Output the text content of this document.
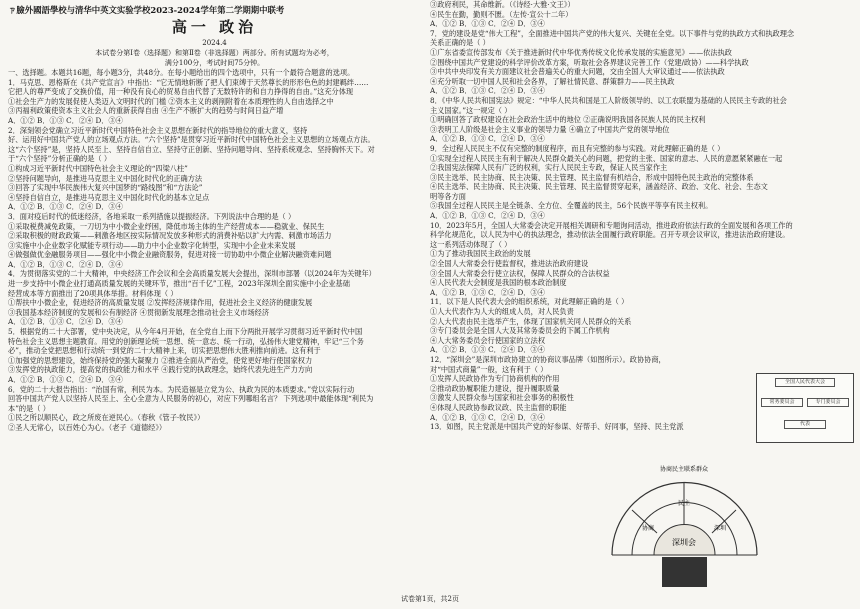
ㄗ臉外國語學校与清华中英文实验学校2023-2024学年第二学期期中联考
高一 政治
2024.4
本试卷分第Ⅰ卷（选择题）和第Ⅱ卷（非选择题）两部分。所有试题均为必考，
满分100分，考试时间75分钟。
一、选择题。本题共16题，每小题3分，共48分。在每小题给出的四个选项中，只有一个最符合题意的选项。
1．马克思、恩格斯在《共产党宣言》中指出：“它无情地斩断了把人们束缚于天然尊长的形形色色的封建羁绊……
它把人的尊严变成了交换价值，用一种没有良心的贸易自由代替了无数特许的和自力挣得的自由。”这充分体现
①社会生产力的发展促使人类迈入文明时代的门槛 ②资本主义的剥削附着在本质理性的人自由选择之中
③丙福利政策使资本主义社会人的重新获得自由 ④生产不断扩大的趋势与时间日益产增
A．①② B．①③ C．②④ D．③④
2．深刻领会党确立习近平新时代中国特色社会主义思想在新时代的指导地位的重大意义，坚持
好、运用好中国共产党人的立场观点方法。“六个坚持”是贯穿习近平新时代中国特色社会主义思想的立场观点方法。
这“六个坚持”是，坚持人民至上、坚持自信自立、坚持守正创新、坚持问题导向、坚持系统观念、坚持胸怀天下。对
于“六个坚持”分析正确的是（ ）
①构成习近平新时代中国特色社会主义理论的“四梁八柱”
②坚持问题导向，是推进马克思主义中国化时代化的正确方法
③回答了实现中华民族伟大复兴中国梦的“路线图”和“方法论”
④坚持自信自立，是推进马克思主义中国化时代化的基本立足点
A．①② B．①③ C．②④ D．③④
3．面对疫后时代的低迷经济，各地采取一系列措施以提振经济。下列说法中合理的是（ ）
①采取税费减免政策，一刀切为中小微企业纾困，降低市场主体的生产经营成本——稳就业、保民生
②采取积极的财政政策——刺激各地区按实际情况发放多种形式的消费补贴以扩大内需、刺激市场活力
③实施中小企业数字化赋能专项行动——助力中小企业数字化转型，实现中小企业未来发展
④做强做优金融服务项目——强化中小微企业融资服务，促进对接一切协助中小微企业解决融资难问题
A．①② B．①③ C．②④ D．③④
4．为贯彻落实党的二十大精神，中央经济工作会议和全会高质量发展大会提出，深圳市部署（以2024年为关键年）
进一步支持中小微企业打通高质量发展的关键环节，推出“百千亿”工程，2023年深圳全面实施中小企业基础
经营成本等方面推出了20项具体举措。材料体现（ ）
①帮扶中小微企业，促进经济的高质量发展 ②发挥经济规律作用，促进社会主义经济的健康发展
③我国基本经济制度的发展和公有制经济 ④贯彻新发展理念推动社会主义市场经济
A．①② B．①③ C．②④ D．③④
5．根据党的二十大部署，党中央决定，从今年4月开始，在全党自上而下分两批开展学习贯彻习近平新时代中国
特色社会主义思想主题教育。用党的创新理论统一思想、统一意志、统一行动，弘扬伟大建党精神，牢记“三个务
必”，推动全党把思想和行动统一到党的二十大精神上来，切实把思想伟大胜利推向前进。这有利于
①加强党的思想建设，始终保持党的强大凝聚力 ②推进全面从严治党，使党更好地行使国家权力
③发挥党的执政能力，提高党的执政能力和水平 ④践行党的执政理念，始终代表先进生产力方向
A．①② B．①③ C．②④ D．③④
6．党的二十大报告指出：“治国有常，利民为本。为民造福是立党为公、执政为民的本质要求。”党以实际行动
回答中国共产党人以坚持人民至上、全心全意为人民服务的初心，对应下列哪组名言？ 下列选项中最能体现“利民为
本”的是（ ）
①民之所以顺民心，政之所废在逆民心。（春秋《管子·牧民》）
②圣人无常心，以百姓心为心。（老子《道德经》）
③政府利民，其命维新。（《诗经·大雅·文王》）
④民生在勤，勤则不匮。（左传·宣公十二年）
A．①② B．①③ C．②④ D．③④
7．党的建设是党“伟大工程”，全面推进中国共产党的伟大复兴、关键在全党。以下事件与党的执政方式和执政理念
关系正确的是（ ）
①广东省委宣传部发布《关于推进新时代中华优秀传统文化传承发展的实施意见》——依法执政
②围绕中国共产党建设的科学评价改革方案，听取社会各界建议完善工作（党建/政协）——科学执政
③中共中央印发有关方面建议社会普遍关心的重大问题，交由全国人大审议通过——依法执政
④充分听取一切中国人民和社会各界，了解社情民意、群策群力——民主执政
A．①② B．①③ C．②④ D．③④
8．《中华人民共和国宪法》规定：“中华人民共和国是工人阶级领导的、以工农联盟为基础的人民民主专政的社会
主义国家。”这一规定（ ）
①明确回答了政权建设在社会政治生活中的地位 ②正确说明我国各民族人民的民主权利
③表明工人阶级是社会主义事业的领导力量 ④确立了中国共产党的领导地位
A．①② B．①③ C．②④ D．③④
9．全过程人民民主不仅有完整的制度程序，而且有完整的参与实践。对此理解正确的是（ ）
①实现全过程人民民主有利于解决人民群众最关心的问题，把党的主张、国家的意志、人民的意愿紧紧融在一起
②我国宪法保障人民有广泛的权利，实行人民民主专政，保证人民当家作主
③民主选举、民主协商、民主决策、民主管理、民主监督有机结合，形成中国特色民主政治的完整体系
④民主选举、民主协商、民主决策、民主管理、民主监督贯穿起来，涵盖经济、政治、文化、社会、生态文
明等各方面
⑤我国全过程人民民主是全链条、全方位、全覆盖的民主，56个民族平等享有民主权利。
A．①② B．①③ C．②④ D．③④
10．2023年5月，全国人大常委会决定开展相关调研和专题询问活动，推进政府依法行政的全面发展和各项工作的
科学化规范化，以人民为中心的执法理念，推动依法全面履行政府职能。召开专项会议审议，推进法治政府建设。
这一系列活动体现了（ ）
①为了推动我国民主政治的发展
②全国人大常委会行使监督权，推进法治政府建设
③全国人大常委会行使立法权，保障人民群众的合法权益
④人民代表大会制度是我国的根本政治制度
A．①② B．①③ C．②④ D．③④
11．以下是人民代表大会的组织系统，对此理解正确的是（ ）
①人大代表作为人大的组成人员，对人民负责
②人大代表由民主选举产生，体现了国家机关同人民群众的关系
③专门委员会是全国人大及其常务委员会的下属工作机构
④人大常务委员会行使国家的立法权
A．①② B．①③ C．②④ D．③④
12．“深圳会”是深圳市政协建立的协商议事品牌（如图所示）。政协协商，
对“中国式商量”一般，这有利于（ ）
①发挥人民政协作为专门协商机构的作用
②推动政协履职能力建设，提升履职质量
③激发人民群众参与国家和社会事务的积极性
④体现人民政协参政议政、民主监督的职能
A．①② B．①③ C．②④ D．③④
13．如图，民主党派是中国共产党的好参谋、好帮手、好同事，坚持、民主党派
全国人民代表大会
常务委员会	专门委员会
代表
深圳会
协商
民主
深圳
协商民主联系群众
试卷第1页，共2页
